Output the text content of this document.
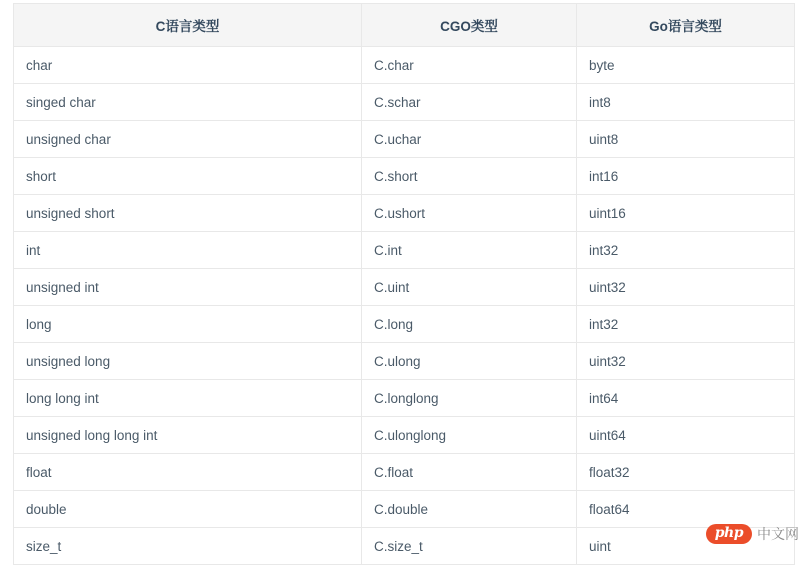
C语言类型	CGO类型	Go语言类型
char	C.char	byte
singed char	C.schar	int8
unsigned char	C.uchar	uint8
short	C.short	int16
unsigned short	C.ushort	uint16
int	C.int	int32
unsigned int	C.uint	uint32
long	C.long	int32
unsigned long	C.ulong	uint32
long long int	C.longlong	int64
unsigned long long int	C.ulonglong	uint64
float	C.float	float32
double	C.double	float64
size_t	C.size_t	uint
php	中文网
